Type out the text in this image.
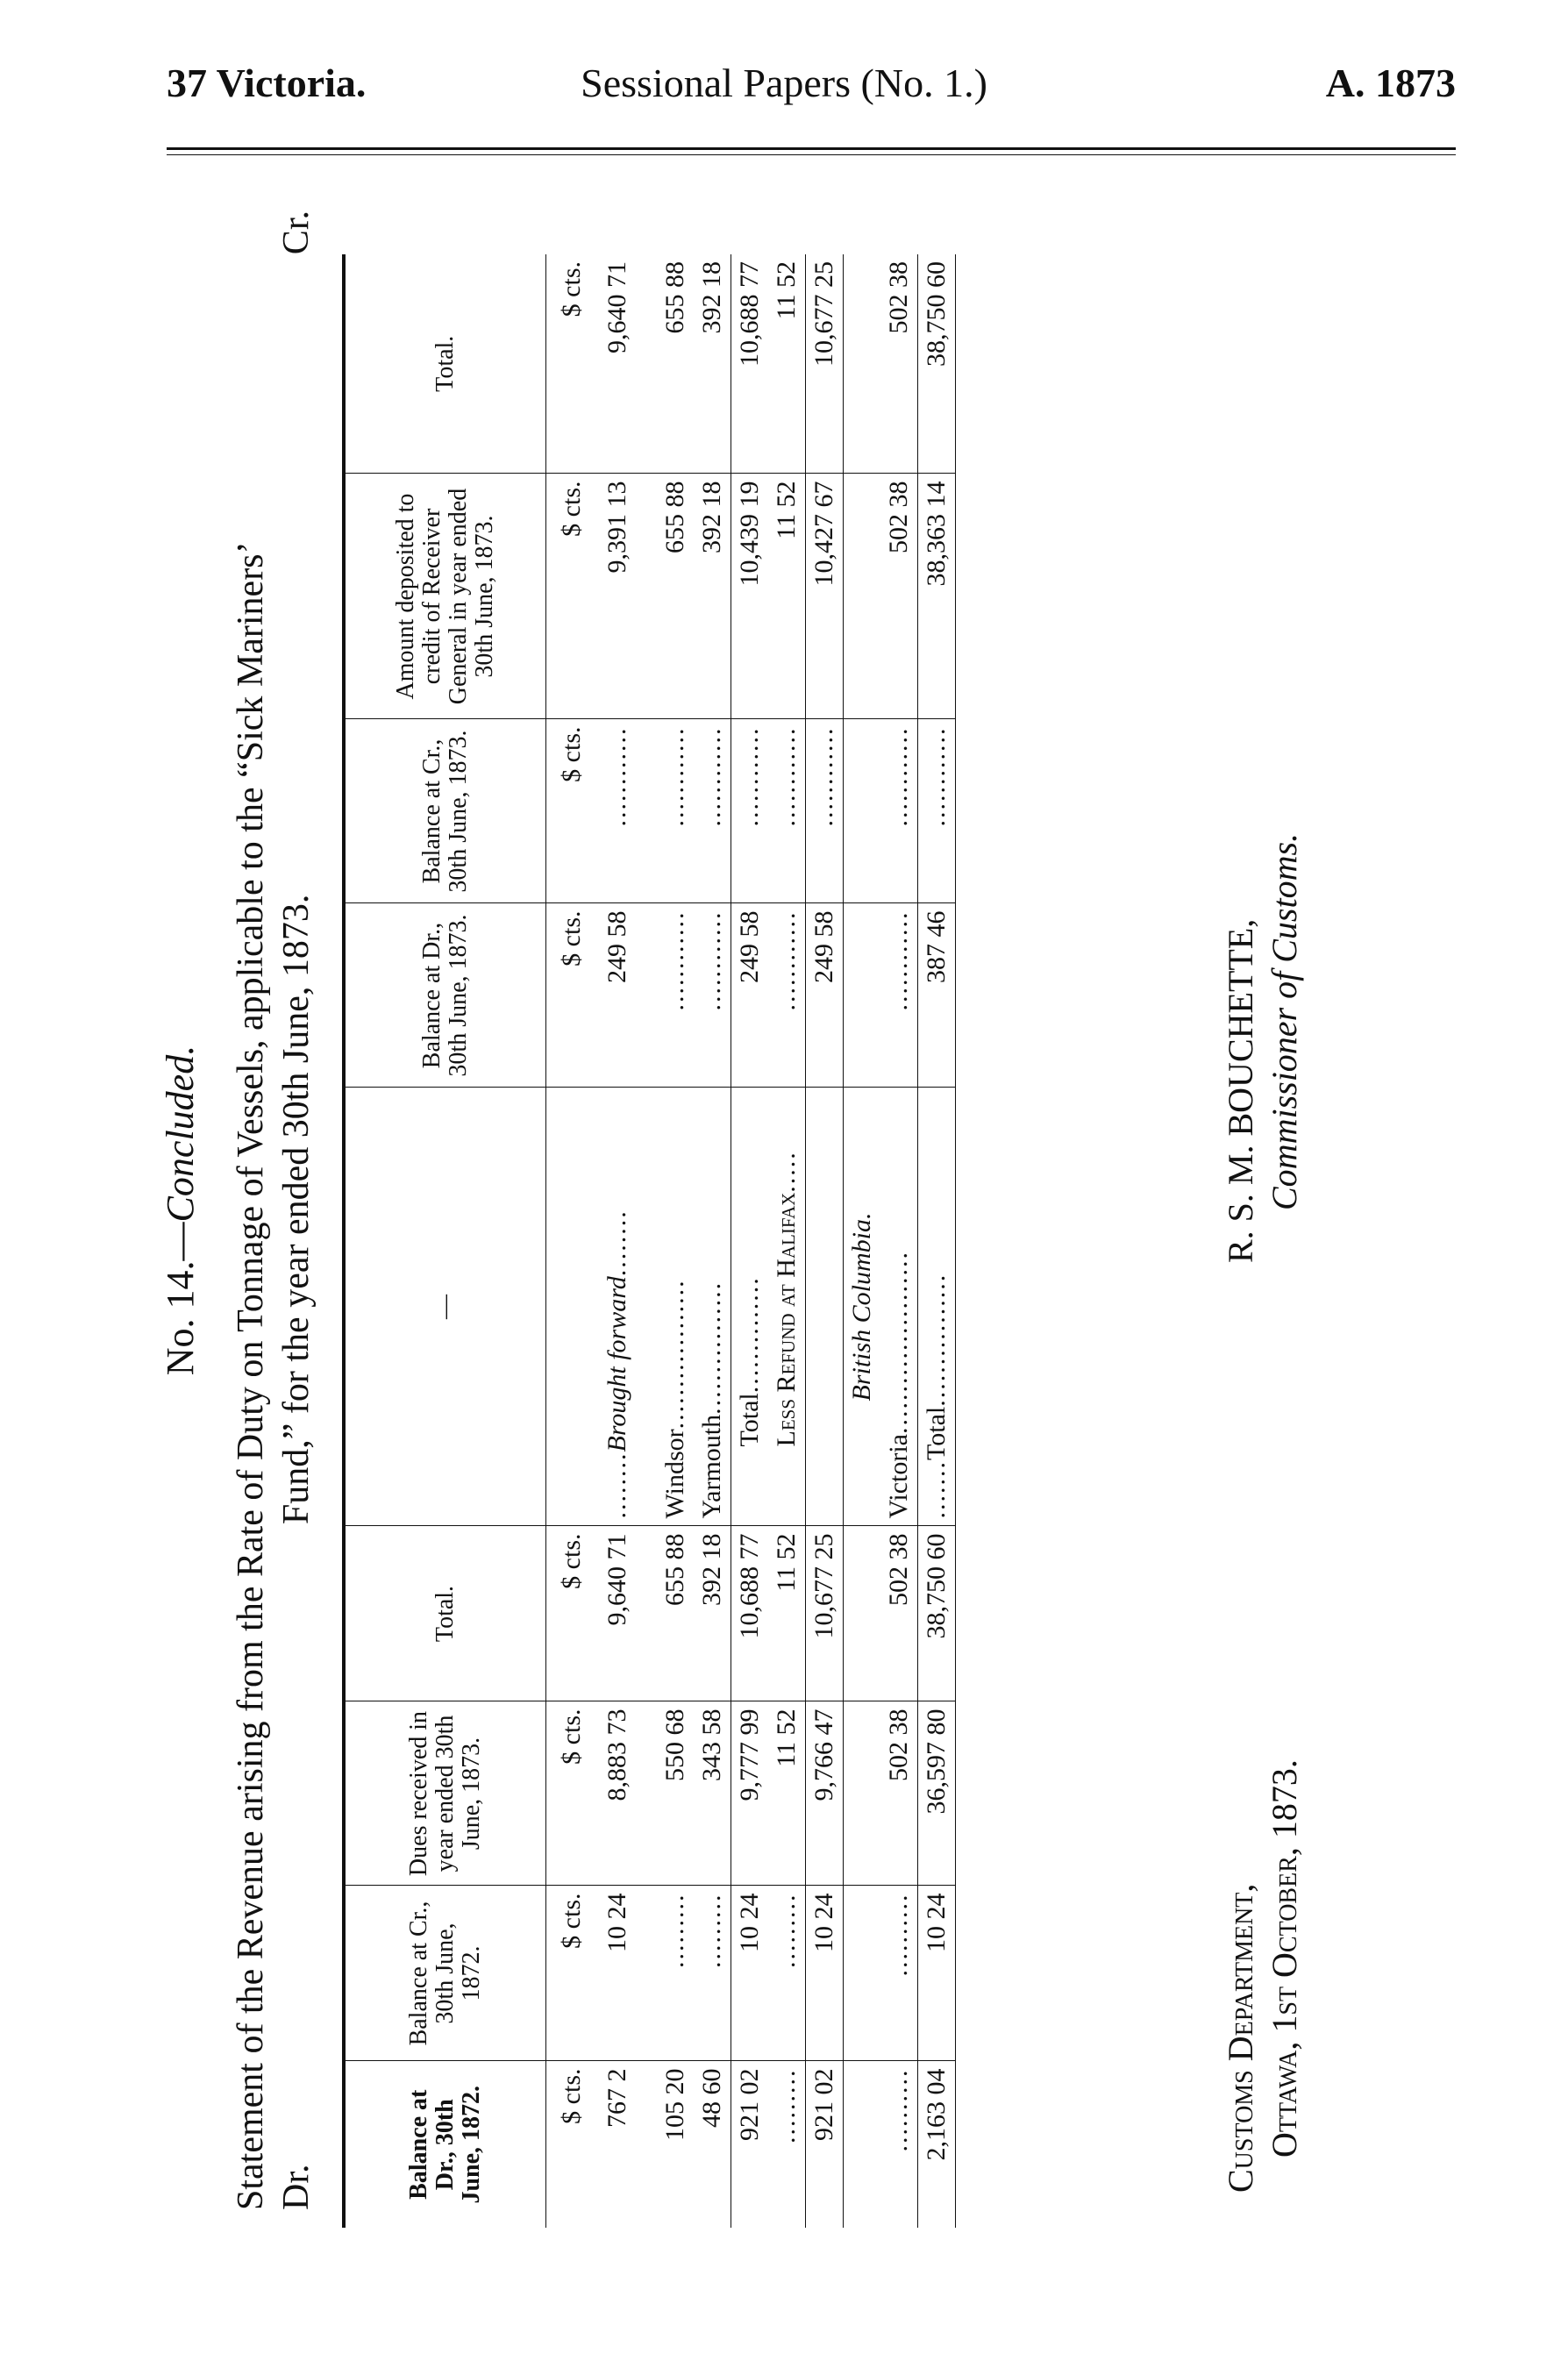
37 Victoria.	Sessional Papers (No. 1.)	A. 1873
No. 14.—Concluded. Statement of the Revenue arising from the Rate of Duty on Tonnage of Vessels, applicable to the “Sick Mariners’ Dr.
Fund,” for the year ended 30th June, 1873.
Cr.
Balance at Dr., 30th June, 1872.	Balance at Cr., 30th June, 1872.	Dues received in year ended 30th June, 1873.	Total.	—	Balance at Dr., 30th June, 1873.	Balance at Cr., 30th June, 1873.	Amount deposited to credit of Receiver General in year ended 30th June, 1873.	Total.
$ cts.	$ cts.	$ cts.	$ cts.		$ cts.	$ cts.	$ cts.	$ cts.
767 2	10 24	8,883 73	9,640 71	........Brought forward........	249 58	............	9,391 13	9,640 71

105 20	.........	550 68	655 88	Windsor..................	............	............	655 88	655 88
48 60	.........	343 58	392 18	Yarmouth................	............	............	392 18	392 18
921 02	10 24	9,777 99	10,688 77	Total..............	249 58	............	10,439 19	10,688 77
.........	.........	11 52	11 52	Less Refund at Halifax.....	............	............	11 52	11 52
921 02	10 24	9,766 47	10,677 25		249 58	............	10,427 67	10,677 25
				British Columbia.				
..........	..........	502 38	502 38	Victoria......................	............	............	502 38	502 38
2,163 04	10 24	36,597 80	38,750 60	.......Total................	387 46	............	38,363 14	38,750 60
Customs Department, Ottawa, 1st October, 1873.
R. S. M. BOUCHETTE, Commissioner of Customs.
